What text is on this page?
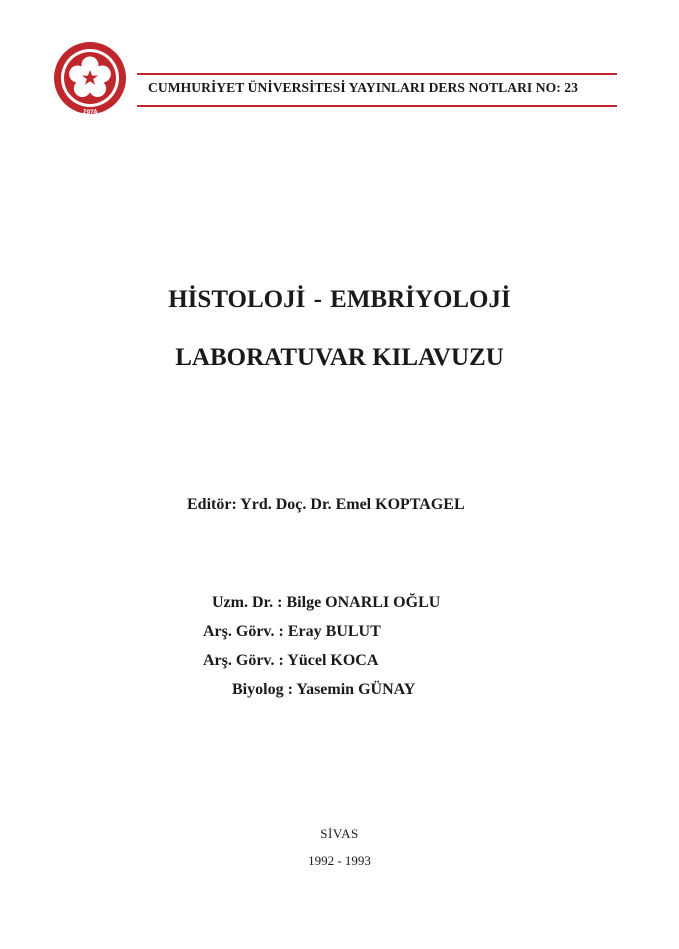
1974
CUMHURİYET ÜNİVERSİTESİ YAYINLARI DERS NOTLARI NO: 23
HİSTOLOJİ - EMBRİYOLOJİ
LABORATUVAR KILAVUZU
Editör: Yrd. Doç. Dr. Emel KOPTAGEL
Uzm. Dr. : Bilge ONARLI OĞLU
Arş. Görv. : Eray BULUT
Arş. Görv. : Yücel KOCA
Biyolog : Yasemin GÜNAY
SİVAS
1992 - 1993
